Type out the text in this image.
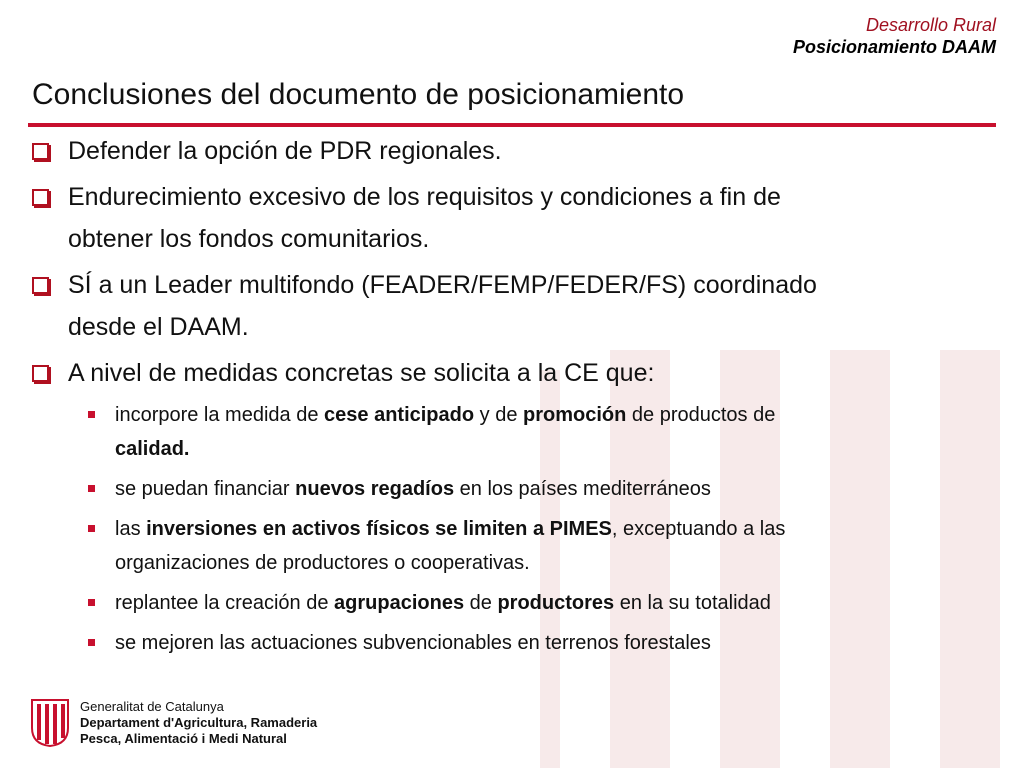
Desarrollo Rural
Posicionamiento DAAM
Conclusiones del documento de posicionamiento
Defender la opción de PDR regionales.
Endurecimiento excesivo de los requisitos y condiciones a fin de
obtener los fondos comunitarios.
SÍ a un Leader multifondo (FEADER/FEMP/FEDER/FS) coordinado
desde el DAAM.
A nivel de medidas concretas se solicita a la CE que:
incorpore la medida de cese anticipado y de promoción de productos de
calidad.
se puedan financiar nuevos regadíos en los países mediterráneos
las inversiones en activos físicos se limiten a PIMES, exceptuando a las
organizaciones de productores o cooperativas.
replantee la creación de agrupaciones de productores en la su totalidad
se mejoren las actuaciones subvencionables en terrenos forestales
Generalitat de Catalunya
Departament d'Agricultura, Ramaderia
Pesca, Alimentació i Medi Natural
